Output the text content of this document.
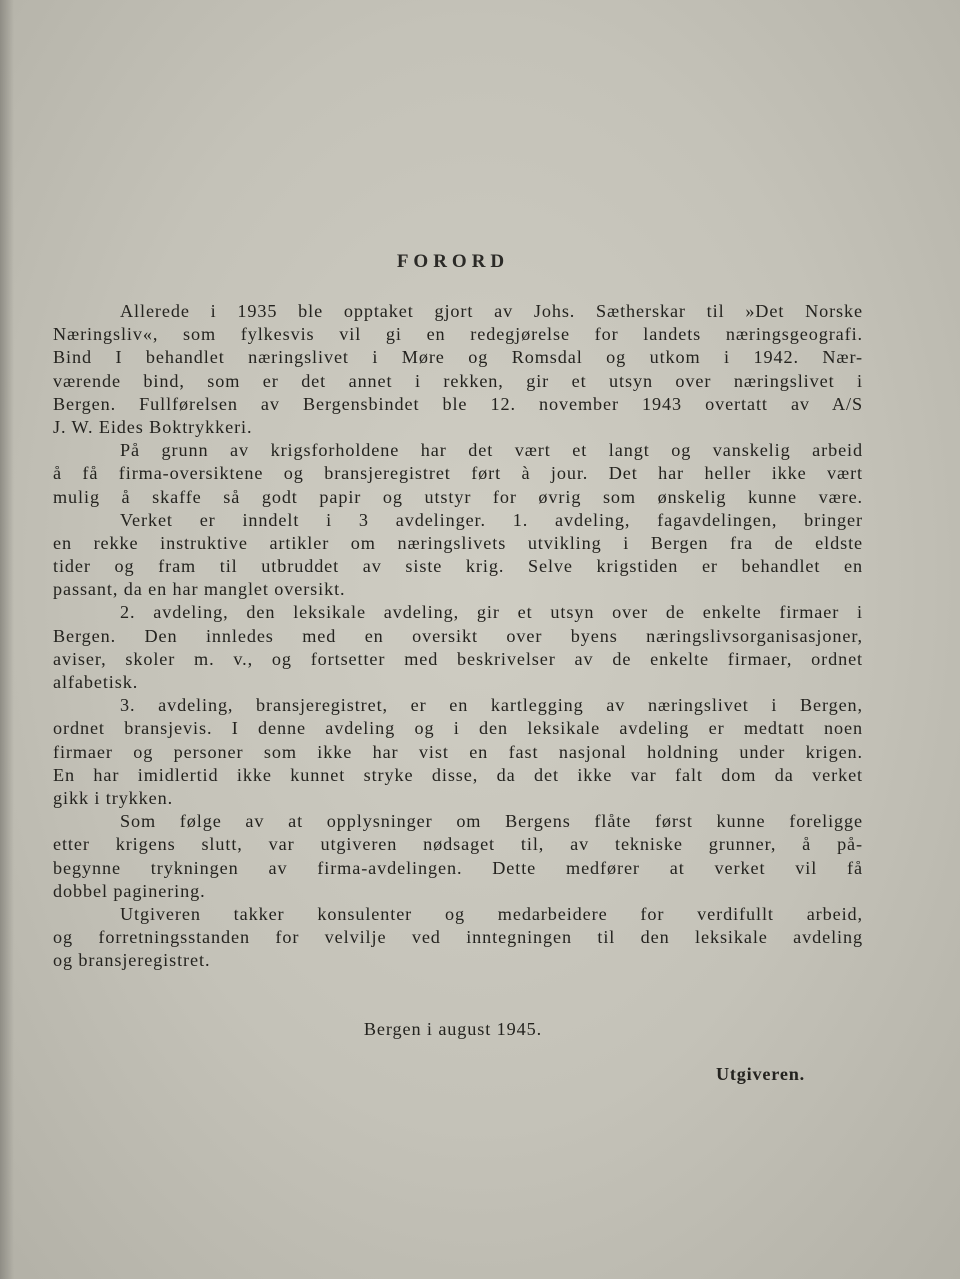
FORORD
Allerede i 1935 ble opptaket gjort av Johs. Sætherskar til »Det Norske
Næringsliv«, som fylkesvis vil gi en redegjørelse for landets næringsgeografi.
Bind I behandlet næringslivet i Møre og Romsdal og utkom i 1942. Nær-
værende bind, som er det annet i rekken, gir et utsyn over næringslivet i
Bergen. Fullførelsen av Bergensbindet ble 12. november 1943 overtatt av A/S
J. W. Eides Boktrykkeri.
På grunn av krigsforholdene har det vært et langt og vanskelig arbeid
å få firma-oversiktene og bransjeregistret ført à jour. Det har heller ikke vært
mulig å skaffe så godt papir og utstyr for øvrig som ønskelig kunne være.
Verket er inndelt i 3 avdelinger. 1. avdeling, fagavdelingen, bringer
en rekke instruktive artikler om næringslivets utvikling i Bergen fra de eldste
tider og fram til utbruddet av siste krig. Selve krigstiden er behandlet en
passant, da en har manglet oversikt.
2. avdeling, den leksikale avdeling, gir et utsyn over de enkelte firmaer i
Bergen. Den innledes med en oversikt over byens næringslivsorganisasjoner,
aviser, skoler m. v., og fortsetter med beskrivelser av de enkelte firmaer, ordnet
alfabetisk.
3. avdeling, bransjeregistret, er en kartlegging av næringslivet i Bergen,
ordnet bransjevis. I denne avdeling og i den leksikale avdeling er medtatt noen
firmaer og personer som ikke har vist en fast nasjonal holdning under krigen.
En har imidlertid ikke kunnet stryke disse, da det ikke var falt dom da verket
gikk i trykken.
Som følge av at opplysninger om Bergens flåte først kunne foreligge
etter krigens slutt, var utgiveren nødsaget til, av tekniske grunner, å på-
begynne trykningen av firma-avdelingen. Dette medfører at verket vil få
dobbel paginering.
Utgiveren takker konsulenter og medarbeidere for verdifullt arbeid,
og forretningsstanden for velvilje ved inntegningen til den leksikale avdeling
og bransjeregistret.

Bergen i august 1945.

Utgiveren.
